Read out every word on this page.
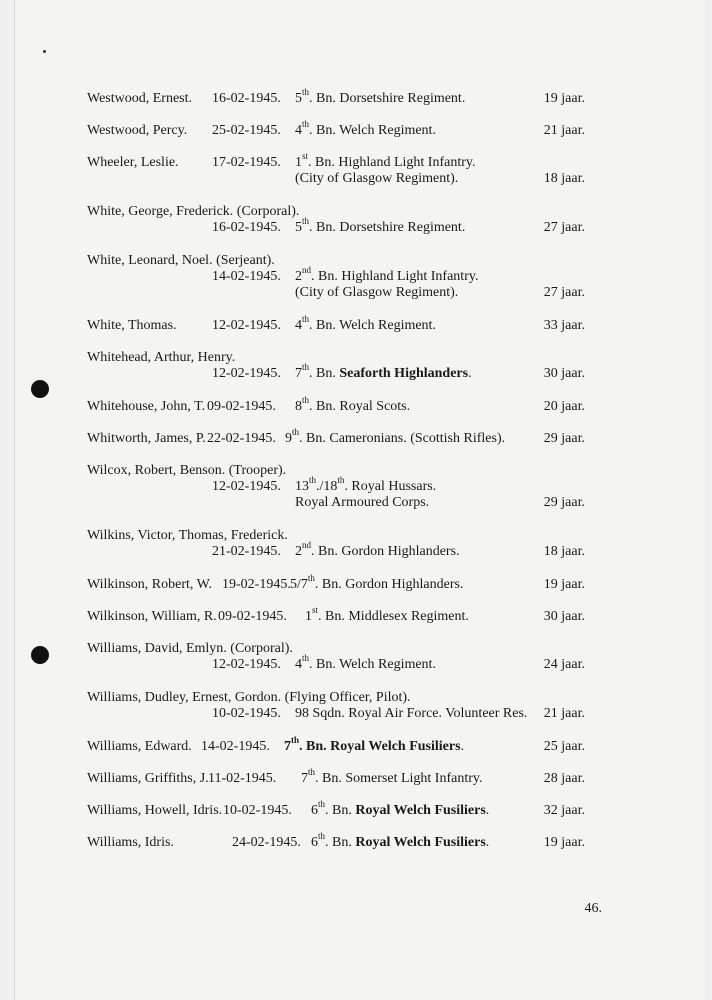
Westwood, Ernest. 16-02-1945. 5th. Bn. Dorsetshire Regiment.	19 jaar.
Westwood, Percy. 25-02-1945. 4th. Bn. Welch Regiment.	21 jaar.
Wheeler, Leslie. 17-02-1945. 1st. Bn. Highland Light Infantry.
(City of Glasgow Regiment).	18 jaar.
White, George, Frederick. (Corporal).
16-02-1945. 5th. Bn. Dorsetshire Regiment.	27 jaar.
White, Leonard, Noel. (Serjeant).
14-02-1945. 2nd. Bn. Highland Light Infantry.
(City of Glasgow Regiment).	27 jaar.
White, Thomas.	12-02-1945. 4th. Bn. Welch Regiment.	33 jaar.
Whitehead, Arthur, Henry.
12-02-1945. 7th. Bn. Seaforth Highlanders.	30 jaar.
Whitehouse, John, T. 09-02-1945. 8th. Bn. Royal Scots.	20 jaar.
Whitworth, James, P. 22-02-1945. 9th. Bn. Cameronians. (Scottish Rifles).	29 jaar.
Wilcox, Robert, Benson. (Trooper).
12-02-1945. 13th./18th. Royal Hussars.
Royal Armoured Corps.	29 jaar.
Wilkins, Victor, Thomas, Frederick.
21-02-1945. 2nd. Bn. Gordon Highlanders.	18 jaar.
Wilkinson, Robert, W. 19-02-1945. 5/7th. Bn. Gordon Highlanders.	19 jaar.
Wilkinson, William, R. 09-02-1945. 1st. Bn. Middlesex Regiment.	30 jaar.
Williams, David, Emlyn. (Corporal).
12-02-1945. 4th. Bn. Welch Regiment.	24 jaar.
Williams, Dudley, Ernest, Gordon. (Flying Officer, Pilot).
10-02-1945. 98 Sqdn. Royal Air Force. Volunteer Res. 21 jaar.
Williams, Edward. 14-02-1945. 7th. Bn. Royal Welch Fusiliers.	25 jaar.
Williams, Griffiths, J. 11-02-1945. 7th. Bn. Somerset Light Infantry.	28 jaar.
Williams, Howell, Idris. 10-02-1945. 6th. Bn. Royal Welch Fusiliers.	32 jaar.
Williams, Idris.	24-02-1945. 6th. Bn. Royal Welch Fusiliers.	19 jaar.
46.
